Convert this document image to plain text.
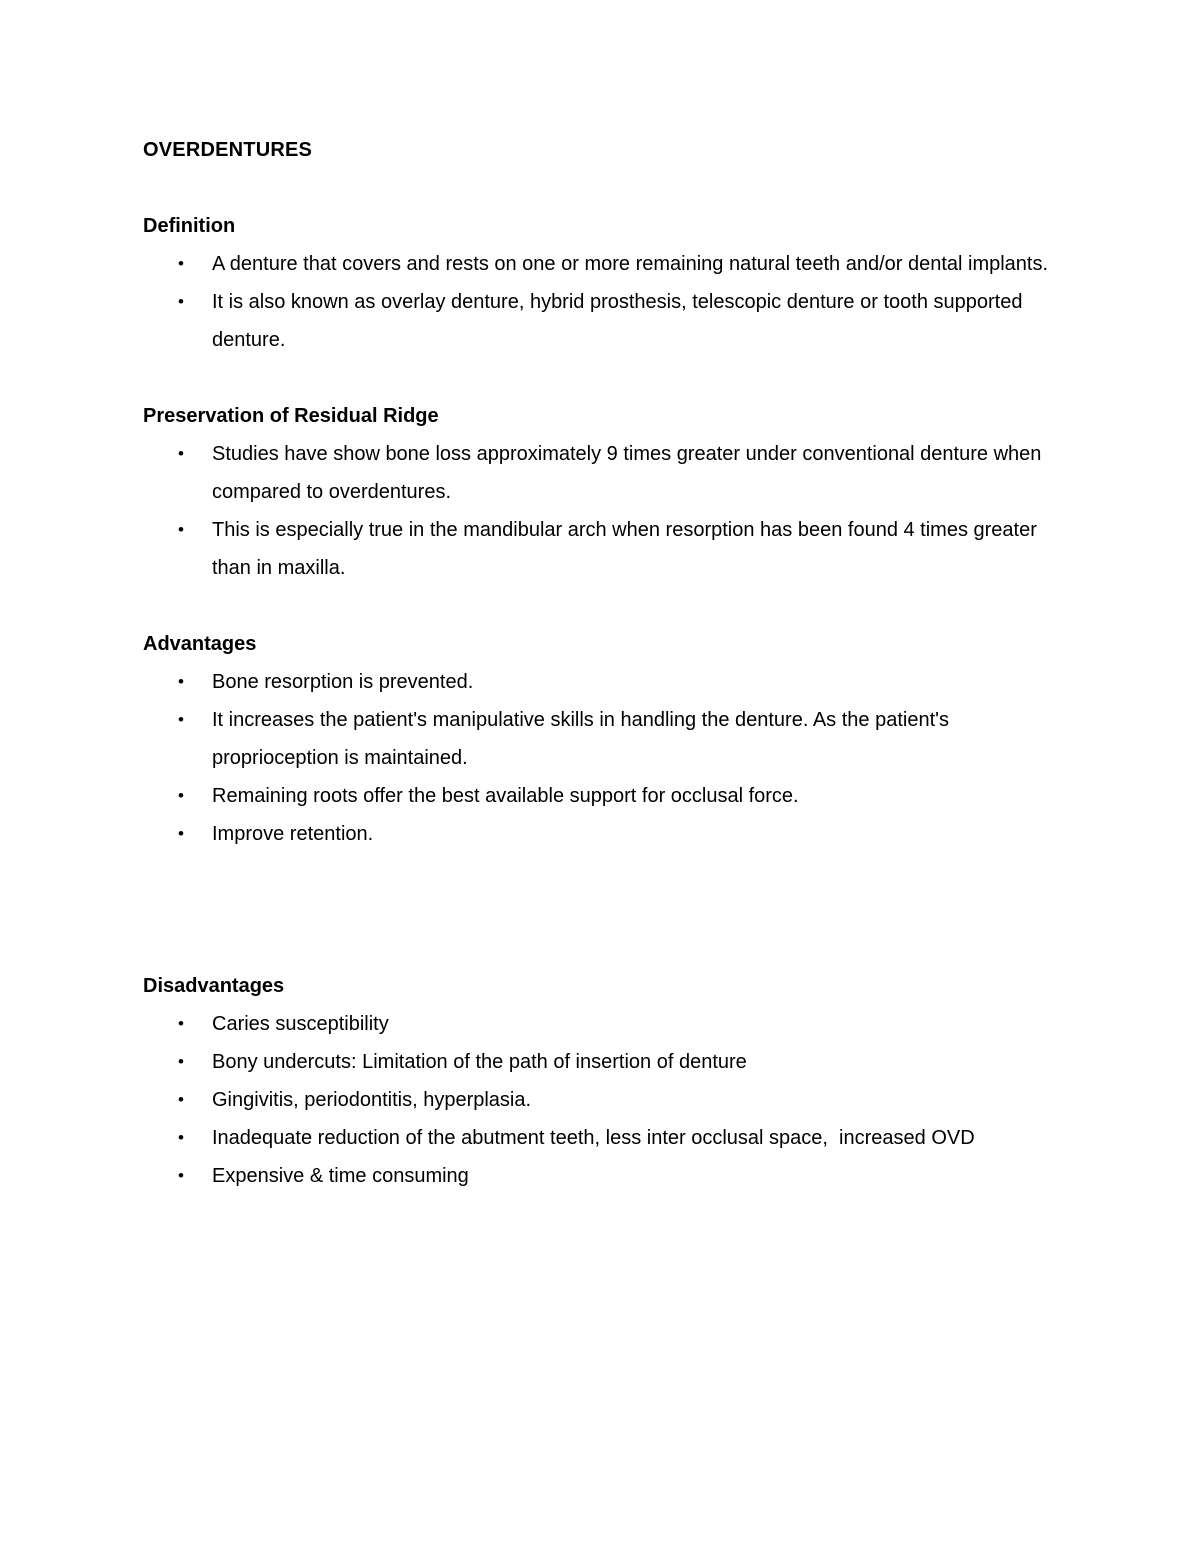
OVERDENTURES
Definition
•	A denture that covers and rests on one or more remaining natural teeth and/or dental implants.
•	It is also known as overlay denture, hybrid prosthesis, telescopic denture or tooth supported denture.
Preservation of Residual Ridge
•	Studies have show bone loss approximately 9 times greater under conventional denture when compared to overdentures.
•	This is especially true in the mandibular arch when resorption has been found 4 times greater than in maxilla.
Advantages
•	Bone resorption is prevented.
•	It increases the patient's manipulative skills in handling the denture. As the patient's proprioception is maintained.
•	Remaining roots offer the best available support for occlusal force.
•	Improve retention.
Disadvantages
•	Caries susceptibility
•	Bony undercuts: Limitation of the path of insertion of denture
•	Gingivitis, periodontitis, hyperplasia.
•	Inadequate reduction of the abutment teeth, less inter occlusal space,  increased OVD
•	Expensive & time consuming
